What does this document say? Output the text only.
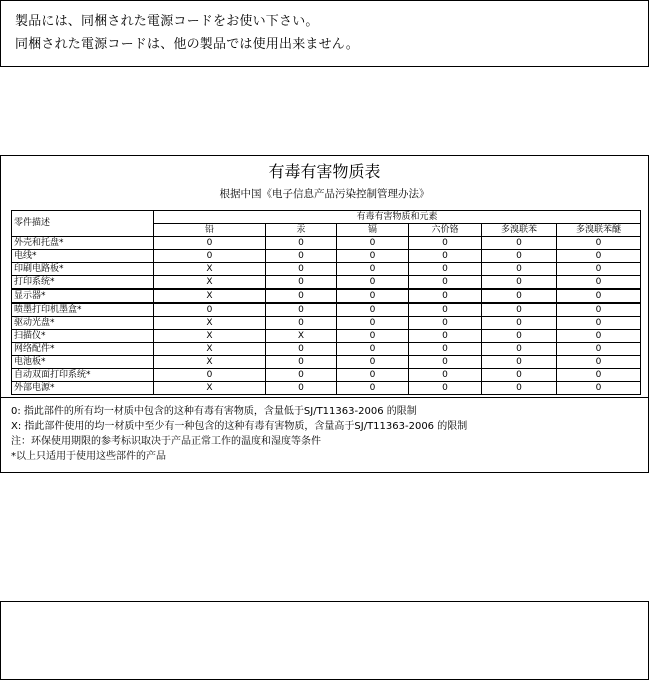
製品には、同梱された電源コードをお使い下さい。
同梱された電源コードは、他の製品では使用出来ません。
有毒有害物质表
根据中国《电子信息产品污染控制管理办法》
零件描述	有毒有害物质和元素					
	铅	汞	镉	六价铬	多溴联苯	多溴联苯醚
外壳和托盘*	0	0	0	0	0	0
电线*	0	0	0	0	0	0
印刷电路板*	X	0	0	0	0	0
打印系统*	X	0	0	0	0	0
显示器*	X	0	0	0	0	0
喷墨打印机墨盒*	0	0	0	0	0	0
驱动光盘*	X	0	0	0	0	0
扫描仪*	X	X	0	0	0	0
网络配件*	X	0	0	0	0	0
电池板*	X	0	0	0	0	0
自动双面打印系统*	0	0	0	0	0	0
外部电源*	X	0	0	0	0	0
0: 指此部件的所有均一材质中包含的这种有毒有害物质，含量低于SJ/T11363-2006 的限制
X: 指此部件使用的均一材质中至少有一种包含的这种有毒有害物质，含量高于SJ/T11363-2006 的限制
注：环保使用期限的参考标识取决于产品正常工作的温度和湿度等条件
*以上只适用于使用这些部件的产品
